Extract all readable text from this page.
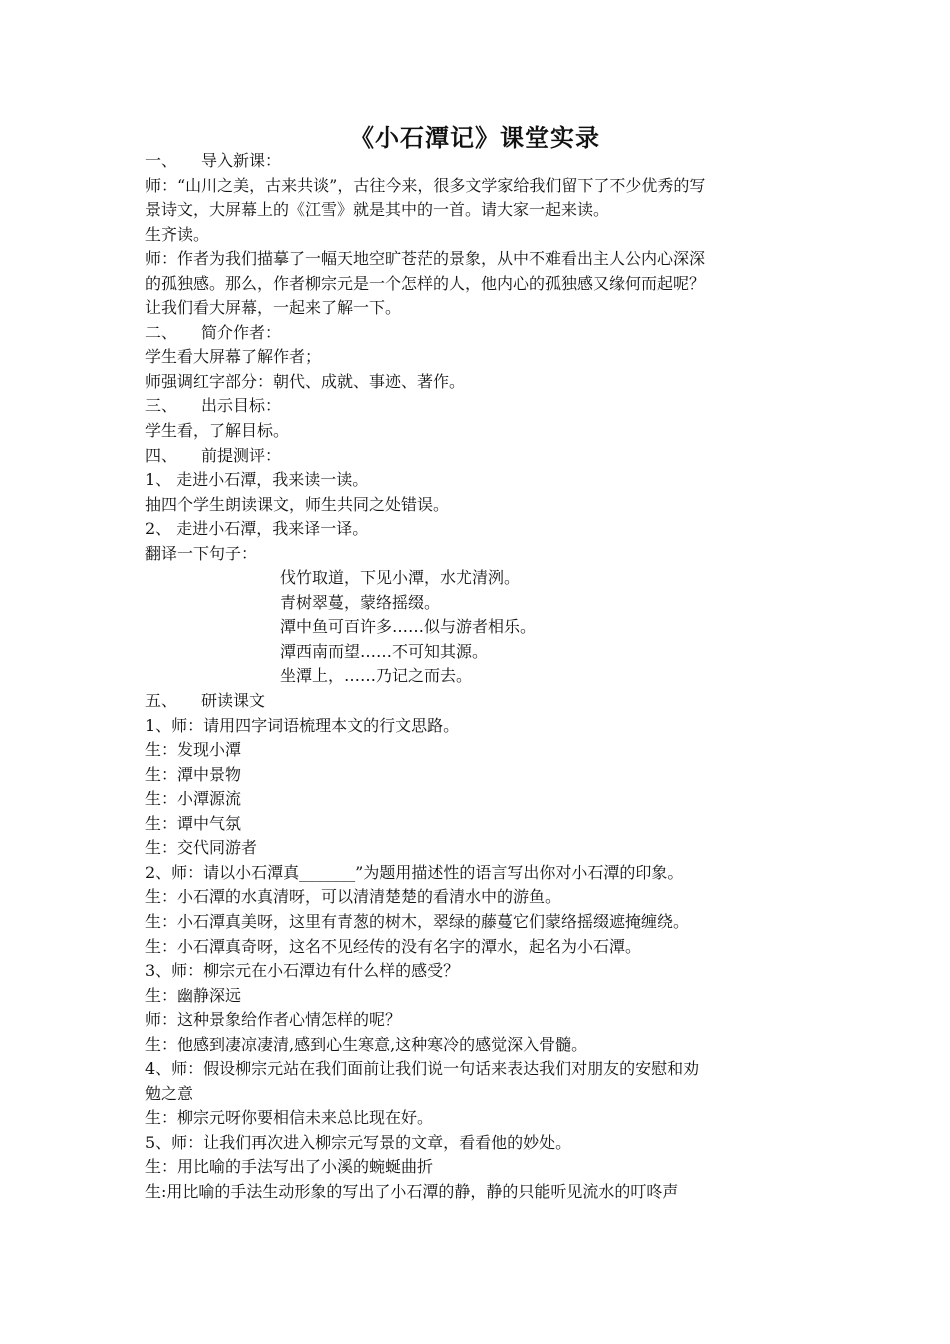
《小石潭记》课堂实录
一、 导入新课：
师：“山川之美，古来共谈”，古往今来，很多文学家给我们留下了不少优秀的写
景诗文，大屏幕上的《江雪》就是其中的一首。请大家一起来读。
生齐读。
师：作者为我们描摹了一幅天地空旷苍茫的景象，从中不难看出主人公内心深深
的孤独感。那么，作者柳宗元是一个怎样的人，他内心的孤独感又缘何而起呢？
让我们看大屏幕，一起来了解一下。
二、 简介作者：
学生看大屏幕了解作者；
师强调红字部分：朝代、成就、事迹、著作。
三、 出示目标：
学生看，了解目标。
四、 前提测评：
1、 走进小石潭，我来读一读。
抽四个学生朗读课文，师生共同之处错误。
2、 走进小石潭，我来译一译。
翻译一下句子：
伐竹取道，下见小潭，水尤清洌。
青树翠蔓，蒙络摇缀。
潭中鱼可百许多……似与游者相乐。
潭西南而望……不可知其源。
坐潭上，……乃记之而去。
五、 研读课文
1、师：请用四字词语梳理本文的行文思路。
生：发现小潭
生：潭中景物
生：小潭源流
生：谭中气氛
生：交代同游者
2、师：请以小石潭真_______”为题用描述性的语言写出你对小石潭的印象。
生：小石潭的水真清呀，可以清清楚楚的看清水中的游鱼。
生：小石潭真美呀，这里有青葱的树木，翠绿的藤蔓它们蒙络摇缀遮掩缠绕。
生：小石潭真奇呀，这名不见经传的没有名字的潭水，起名为小石潭。
3、师：柳宗元在小石潭边有什么样的感受？
生：幽静深远
师：这种景象给作者心情怎样的呢？
生：他感到凄凉凄清,感到心生寒意,这种寒冷的感觉深入骨髓。
4、师：假设柳宗元站在我们面前让我们说一句话来表达我们对朋友的安慰和劝
勉之意
生：柳宗元呀你要相信未来总比现在好。
5、师：让我们再次进入柳宗元写景的文章，看看他的妙处。
生：用比喻的手法写出了小溪的蜿蜒曲折
生:用比喻的手法生动形象的写出了小石潭的静，静的只能听见流水的叮咚声
